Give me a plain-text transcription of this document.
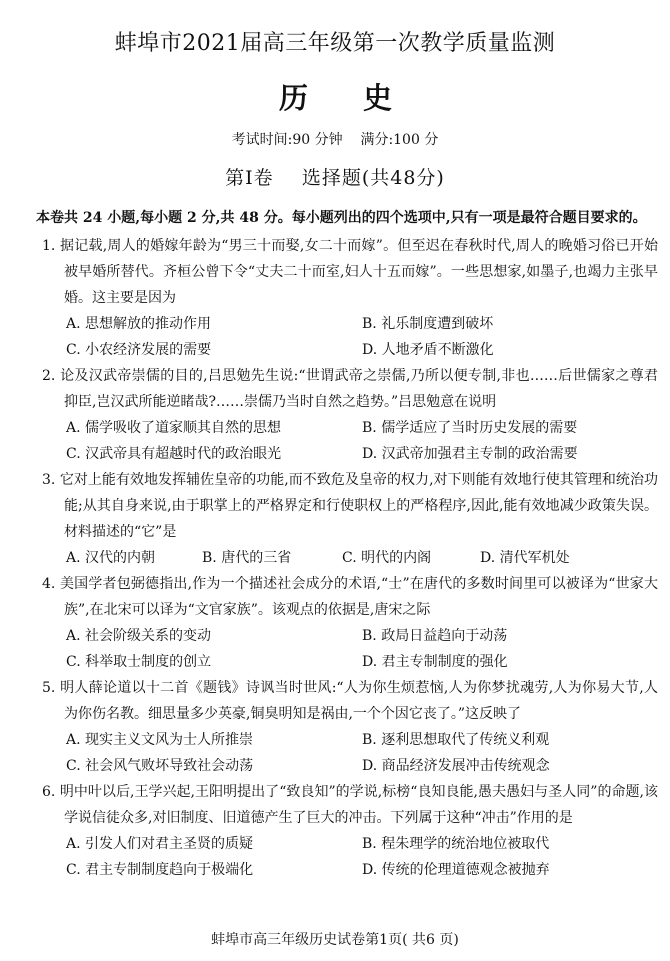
蚌埠市2021届高三年级第一次教学质量监测
历 史
考试时间:90 分钟    满分:100 分
第Ⅰ卷    选择题(共48分)

本卷共 24 小题,每小题 2 分,共 48 分。每小题列出的四个选项中,只有一项是最符合题目要求的。

1. 据记载,周人的婚嫁年龄为“男三十而娶,女二十而嫁”。但至迟在春秋时代,周人的晚婚习俗已开始被早婚所替代。齐桓公曾下令“丈夫二十而室,妇人十五而嫁”。一些思想家,如墨子,也竭力主张早婚。这主要是因为

A. 思想解放的推动作用	B. 礼乐制度遭到破坏
C. 小农经济发展的需要	D. 人地矛盾不断激化

2. 论及汉武帝崇儒的目的,吕思勉先生说:“世谓武帝之崇儒,乃所以便专制,非也……后世儒家之尊君抑臣,岂汉武所能逆睹哉?……崇儒乃当时自然之趋势。”吕思勉意在说明

A. 儒学吸收了道家顺其自然的思想	B. 儒学适应了当时历史发展的需要
C. 汉武帝具有超越时代的政治眼光	D. 汉武帝加强君主专制的政治需要

3. 它对上能有效地发挥辅佐皇帝的功能,而不致危及皇帝的权力,对下则能有效地行使其管理和统治功能;从其自身来说,由于职掌上的严格界定和行使职权上的严格程序,因此,能有效地减少政策失误。材料描述的“它”是

A. 汉代的内朝	B. 唐代的三省	C. 明代的内阁	D. 清代军机处

4. 美国学者包弼德指出,作为一个描述社会成分的术语,“士”在唐代的多数时间里可以被译为“世家大族”,在北宋可以译为“文官家族”。该观点的依据是,唐宋之际

A. 社会阶级关系的变动	B. 政局日益趋向于动荡
C. 科举取士制度的创立	D. 君主专制制度的强化

5. 明人薛论道以十二首《题钱》诗讽当时世风:“人为你生烦惹恼,人为你梦扰魂劳,人为你易大节,人为你伤名教。细思量多少英豪,铜臭明知是祸由,一个个因它丧了。”这反映了

A. 现实主义文风为士人所推崇	B. 逐利思想取代了传统义利观
C. 社会风气败坏导致社会动荡	D. 商品经济发展冲击传统观念

6. 明中叶以后,王学兴起,王阳明提出了“致良知”的学说,标榜“良知良能,愚夫愚妇与圣人同”的命题,该学说信徒众多,对旧制度、旧道德产生了巨大的冲击。下列属于这种“冲击”作用的是

A. 引发人们对君主圣贤的质疑	B. 程朱理学的统治地位被取代
C. 君主专制制度趋向于极端化	D. 传统的伦理道德观念被抛弃
蚌埠市高三年级历史试卷第1页( 共6 页)
